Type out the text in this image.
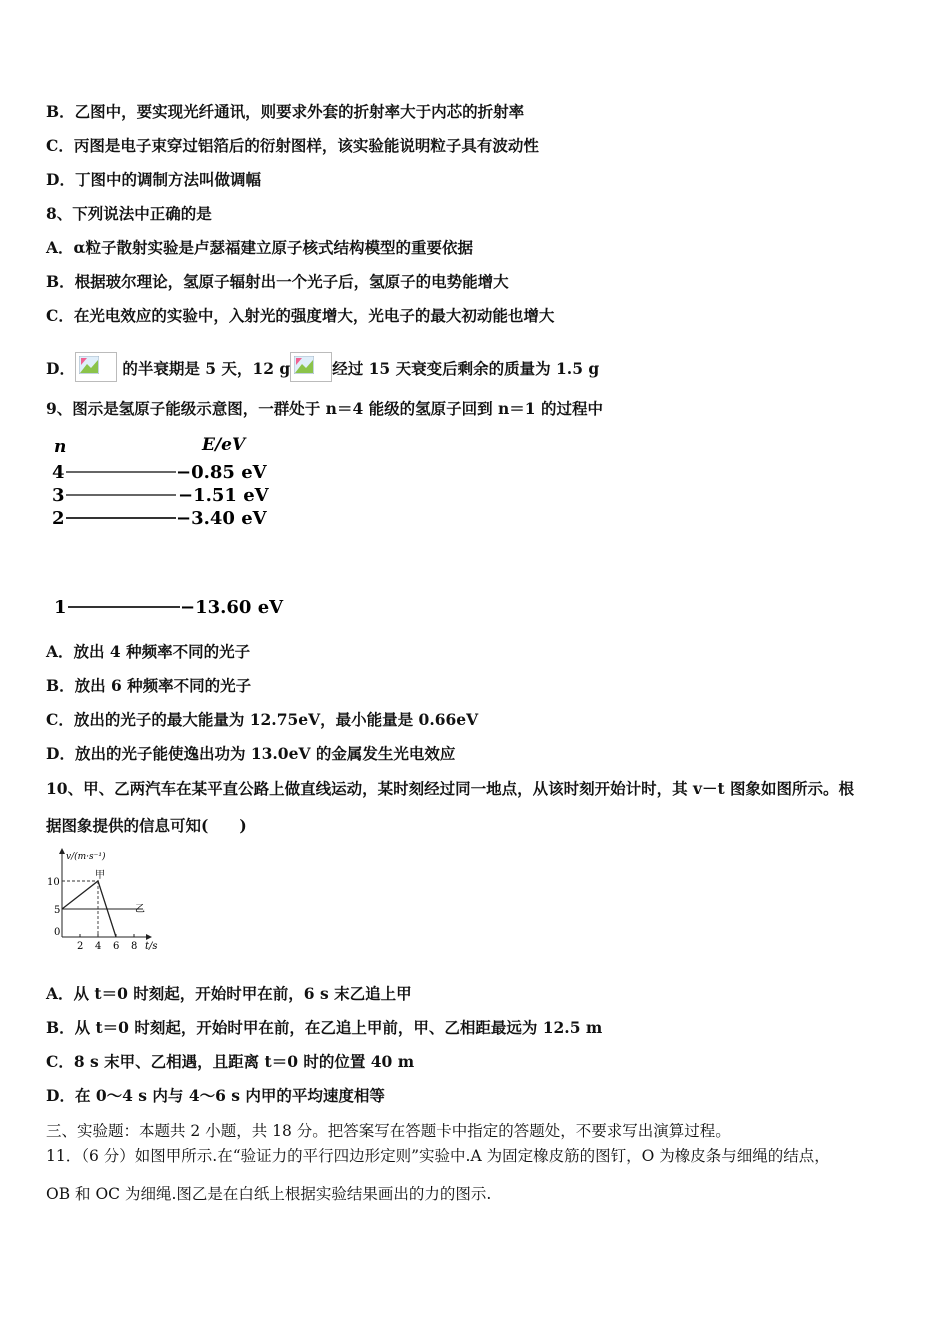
B．乙图中，要实现光纤通讯，则要求外套的折射率大于内芯的折射率
C．丙图是电子束穿过铝箔后的衍射图样，该实验能说明粒子具有波动性
D．丁图中的调制方法叫做调幅
8、下列说法中正确的是
A．α粒子散射实验是卢瑟福建立原子核式结构模型的重要依据
B．根据玻尔理论，氢原子辐射出一个光子后，氢原子的电势能增大
C．在光电效应的实验中，入射光的强度增大，光电子的最大初动能也增大
D．	的半衰期是 5 天，12 g	经过 15 天衰变后剩余的质量为 1.5 g
9、图示是氢原子能级示意图，一群处于 n＝4 能级的氢原子回到 n＝1 的过程中
n	E/eV
4	−0.85 eV
3	−1.51 eV
2	−3.40 eV
1	−13.60 eV
A．放出 4 种频率不同的光子
B．放出 6 种频率不同的光子
C．放出的光子的最大能量为 12.75eV，最小能量是 0.66eV
D．放出的光子能使逸出功为 13.0eV 的金属发生光电效应
10、甲、乙两汽车在某平直公路上做直线运动，某时刻经过同一地点，从该时刻开始计时，其 v－t 图象如图所示。根
据图象提供的信息可知(　　)
v/(m·s⁻¹)
t/s
2 4 6 8
0
5
10
甲
乙
A．从 t＝0 时刻起，开始时甲在前，6 s 末乙追上甲
B．从 t＝0 时刻起，开始时甲在前，在乙追上甲前，甲、乙相距最远为 12.5 m
C．8 s 末甲、乙相遇，且距离 t＝0 时的位置 40 m
D．在 0～4 s 内与 4～6 s 内甲的平均速度相等
三、实验题：本题共 2 小题，共 18 分。把答案写在答题卡中指定的答题处，不要求写出演算过程。
11．（6 分）如图甲所示.在“验证力的平行四边形定则”实验中.A 为固定橡皮筋的图钉，O 为橡皮条与细绳的结点，
OB 和 OC 为细绳.图乙是在白纸上根据实验结果画出的力的图示.
